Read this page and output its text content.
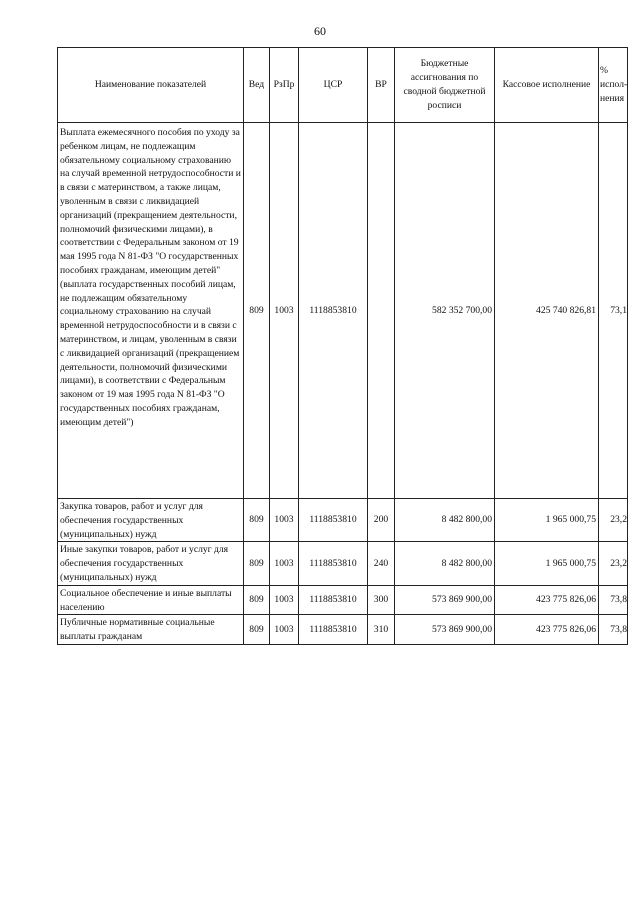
60
Наименование показателей	Вед	РзПр	ЦСР	ВР	Бюджетные ассигнования по сводной бюджетной росписи	Кассовое исполнение	% испол-нения
Выплата ежемесячного пособия по уходу за ребенком лицам, не подлежащим обязательному социальному страхованию на случай временной нетрудоспособности и в связи с материнством, а также лицам, уволенным в связи с ликвидацией организаций (прекращением деятельности, полномочий физическими лицами), в соответствии с Федеральным законом от 19 мая 1995 года N 81-ФЗ "О государственных пособиях гражданам, имеющим детей" (выплата государственных пособий лицам, не подлежащим обязательному социальному страхованию на случай временной нетрудоспособности и в связи с материнством, и лицам, уволенным в связи с ликвидацией организаций (прекращением деятельности, полномочий физическими лицами), в соответствии с Федеральным законом от 19 мая 1995 года N 81-ФЗ "О государственных пособиях гражданам, имеющим детей")	809	1003	1118853810		582 352 700,00	425 740 826,81	73,1
Закупка товаров, работ и услуг для обеспечения государственных (муниципальных) нужд	809	1003	1118853810	200	8 482 800,00	1 965 000,75	23,2
Иные закупки товаров, работ и услуг для обеспечения государственных (муниципальных) нужд	809	1003	1118853810	240	8 482 800,00	1 965 000,75	23,2
Социальное обеспечение и иные выплаты населению	809	1003	1118853810	300	573 869 900,00	423 775 826,06	73,8
Публичные нормативные социальные выплаты гражданам	809	1003	1118853810	310	573 869 900,00	423 775 826,06	73,8
